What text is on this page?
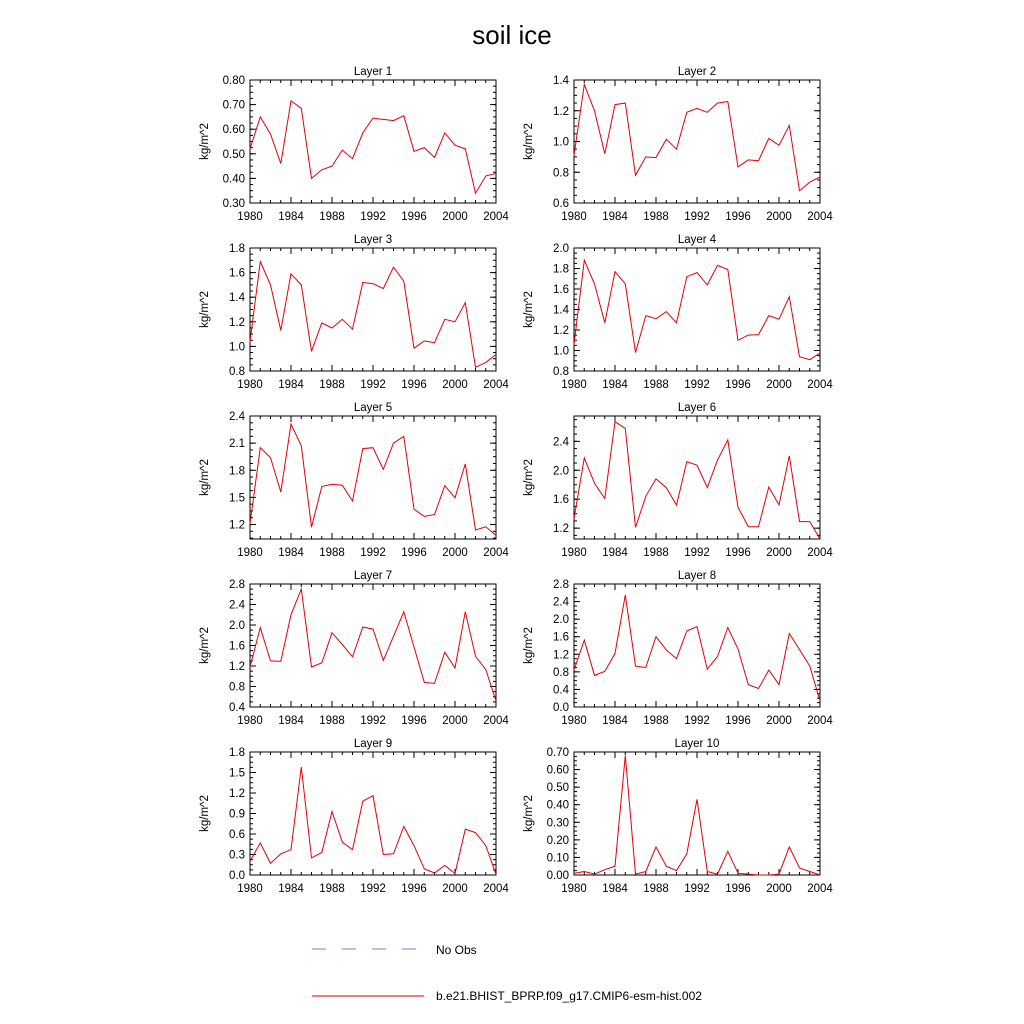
soil ice
Layer 1
kg/m^2
1980 1984 1988 1992 1996 2000 2004
0.30
0.40
0.50
0.60
0.70
0.80
Layer 2
kg/m^2
1980 1984 1988 1992 1996 2000 2004
0.6
0.8
1.0
1.2
1.4
Layer 3
kg/m^2
1980 1984 1988 1992 1996 2000 2004
0.8
1.0
1.2
1.4
1.6
1.8
Layer 4
kg/m^2
1980 1984 1988 1992 1996 2000 2004
0.8
1.0
1.2
1.4
1.6
1.8
2.0
Layer 5
kg/m^2
1980 1984 1988 1992 1996 2000 2004
1.2
1.5
1.8
2.1
2.4
Layer 6
kg/m^2
1980 1984 1988 1992 1996 2000 2004
1.2
1.6
2.0
2.4
Layer 7
kg/m^2
1980 1984 1988 1992 1996 2000 2004
0.4
0.8
1.2
1.6
2.0
2.4
2.8
Layer 8
kg/m^2
1980 1984 1988 1992 1996 2000 2004
0.0
0.4
0.8
1.2
1.6
2.0
2.4
2.8
Layer 9
kg/m^2
1980 1984 1988 1992 1996 2000 2004
0.0
0.3
0.6
0.9
1.2
1.5
1.8
Layer 10
kg/m^2
1980 1984 1988 1992 1996 2000 2004
0.00
0.10
0.20
0.30
0.40
0.50
0.60
0.70
No Obs
b.e21.BHIST_BPRP.f09_g17.CMIP6-esm-hist.002
